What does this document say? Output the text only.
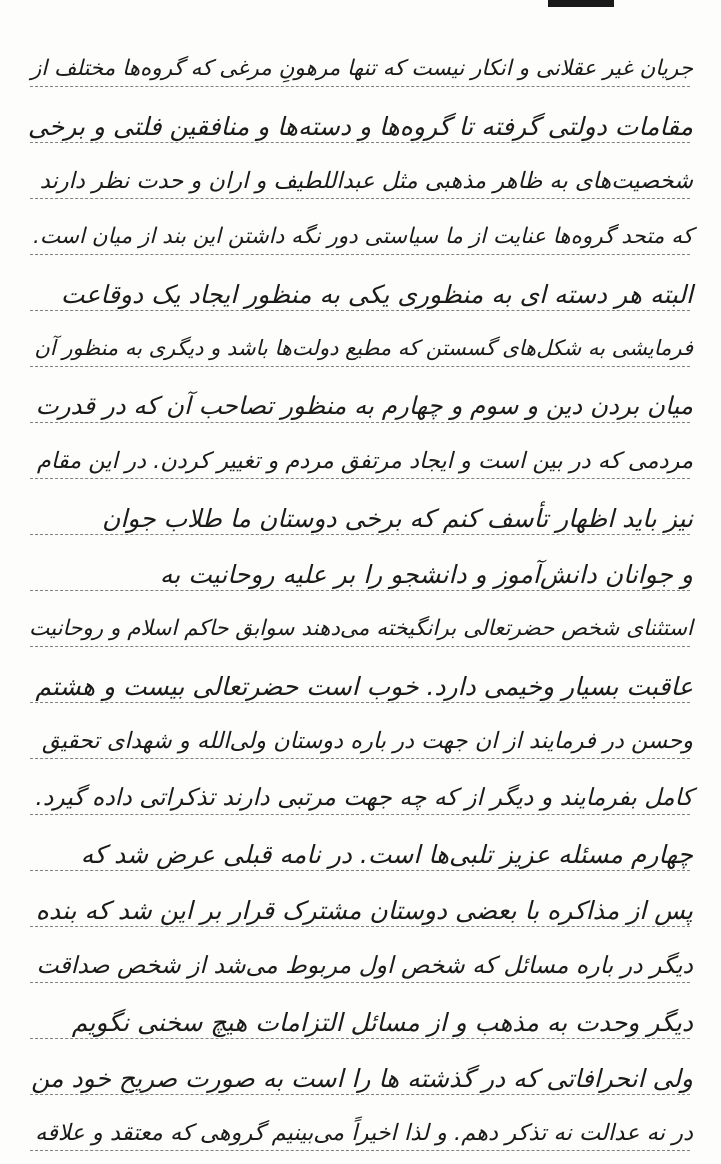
جریان غیر عقلانی و انکار نیست که تنها مرهونِ مرغی که گروه‌ها مختلف از
مقامات دولتی گرفته تا گروه‌ها و دسته‌ها و منافقین فلتی و برخی
شخصیت‌های به ظاهر مذهبی مثل عبداللطیف و اران و حدت نظر دارند
که متحد گروه‌ها عنایت از ما سیاستی دور نگه داشتن این بند از میان است.
البته هر دسته ای به منظوری یکی به منظور ایجاد یک دوقاعت
فرمایشی به شکل‌های گسستن که مطیع دولت‌ها باشد و دیگری به منظور آن
میان بردن دین و سوم و چهارم به منظور تصاحب آن که در قدرت
مردمی که در بین است و ایجاد مرتفق مردم و تغییر کردن. در این مقام
نیز باید اظهار تأسف کنم که برخی دوستان ما طلاب جوان
و جوانان دانش‌آموز و دانشجو را بر علیه روحانیت به
استثنای شخص حضرتعالی برانگیخته می‌دهند سوابق حاکم اسلام و روحانیت
عاقبت بسیار وخیمی دارد. خوب است حضرتعالی بیست و هشتم
وحسن در فرمایند از ان جهت در باره دوستان ولی‌الله و شهدای تحقیق
کامل بفرمایند و دیگر از که چه جهت مرتبی دارند تذکراتی داده گیرد.
چهارم مسئله عزیز تلبی‌ها است. در نامه قبلی عرض شد که
پس از مذاکره با بعضی دوستان مشترک قرار بر این شد که بنده
دیگر در باره مسائل که شخص اول مربوط می‌شد از شخص صداقت
دیگر وحدت به مذهب و از مسائل التزامات هیچ سخنی نگویم
ولی انحرافاتی که در گذشته ها را است به صورت صریح خود من
در نه عدالت نه تذکر دهم. و لذا اخیراً می‌بینیم گروهی که معتقد و علاقه
